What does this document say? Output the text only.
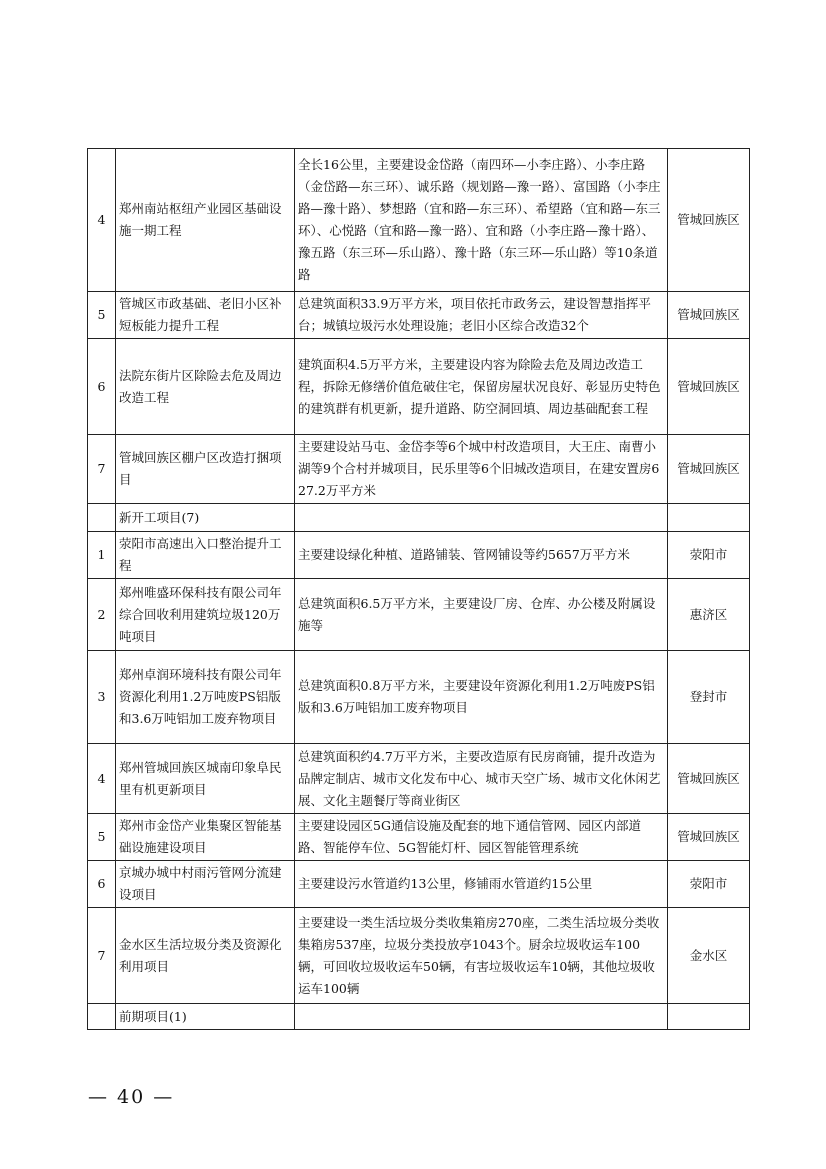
4	郑州南站枢纽产业园区基础设施一期工程	全长16公里，主要建设金岱路（南四环—小李庄路）、小李庄路（金岱路—东三环）、诚乐路（规划路—豫一路）、富国路（小李庄路—豫十路）、梦想路（宜和路—东三环）、希望路（宜和路—东三环）、心悦路（宜和路—豫一路）、宜和路（小李庄路—豫十路）、豫五路（东三环—乐山路）、豫十路（东三环—乐山路）等10条道路	管城回族区
5	管城区市政基础、老旧小区补短板能力提升工程	总建筑面积33.9万平方米，项目依托市政务云，建设智慧指挥平台；城镇垃圾污水处理设施；老旧小区综合改造32个	管城回族区
6	法院东街片区除险去危及周边改造工程	建筑面积4.5万平方米，主要建设内容为除险去危及周边改造工程，拆除无修缮价值危破住宅，保留房屋状况良好、彰显历史特色的建筑群有机更新，提升道路、防空洞回填、周边基础配套工程	管城回族区
7	管城回族区棚户区改造打捆项目	主要建设站马屯、金岱李等6个城中村改造项目，大王庄、南曹小湖等9个合村并城项目，民乐里等6个旧城改造项目，在建安置房627.2万平方米	管城回族区
	新开工项目(7)		
1	荥阳市高速出入口整治提升工程	主要建设绿化种植、道路铺装、管网铺设等约5657万平方米	荥阳市
2	郑州唯盛环保科技有限公司年综合回收利用建筑垃圾120万吨项目	总建筑面积6.5万平方米，主要建设厂房、仓库、办公楼及附属设施等	惠济区
3	郑州卓润环境科技有限公司年资源化利用1.2万吨废PS铝版和3.6万吨铝加工废弃物项目	总建筑面积0.8万平方米，主要建设年资源化利用1.2万吨废PS铝版和3.6万吨铝加工废弃物项目	登封市
4	郑州管城回族区城南印象阜民里有机更新项目	总建筑面积约4.7万平方米，主要改造原有民房商铺，提升改造为品牌定制店、城市文化发布中心、城市天空广场、城市文化休闲艺展、文化主题餐厅等商业街区	管城回族区
5	郑州市金岱产业集聚区智能基础设施建设项目	主要建设园区5G通信设施及配套的地下通信管网、园区内部道路、智能停车位、5G智能灯杆、园区智能管理系统	管城回族区
6	京城办城中村雨污管网分流建设项目	主要建设污水管道约13公里，修铺雨水管道约15公里	荥阳市
7	金水区生活垃圾分类及资源化利用项目	主要建设一类生活垃圾分类收集箱房270座，二类生活垃圾分类收集箱房537座，垃圾分类投放亭1043个。厨余垃圾收运车100辆，可回收垃圾收运车50辆，有害垃圾收运车10辆，其他垃圾收运车100辆	金水区
	前期项目(1)		
— 40 —
